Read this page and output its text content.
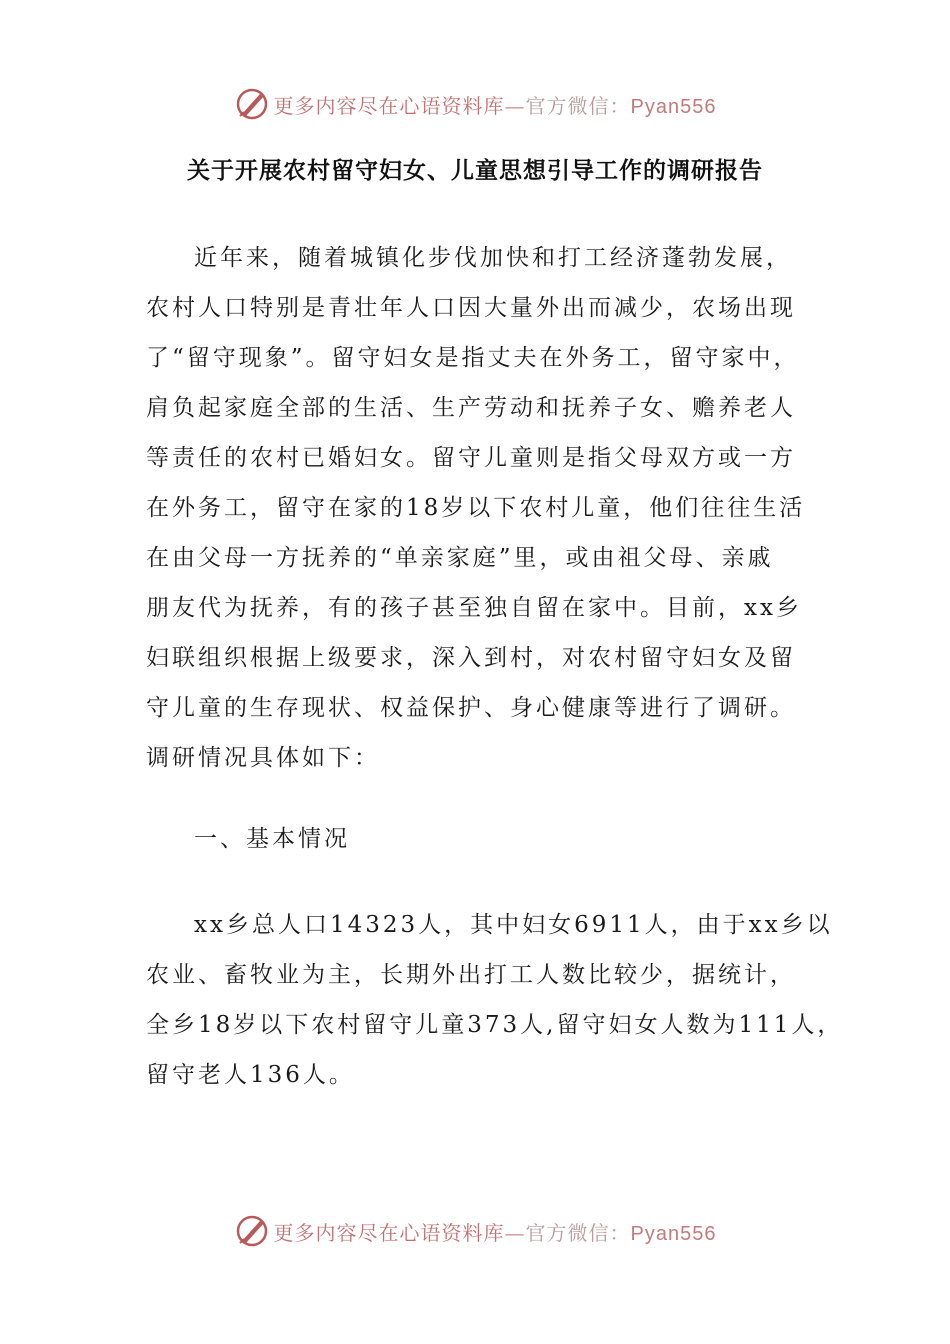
更多内容尽在心语资料库—官方微信：Pyan556
关于开展农村留守妇女、儿童思想引导工作的调研报告
近年来，随着城镇化步伐加快和打工经济蓬勃发展，
农村人口特别是青壮年人口因大量外出而减少，农场出现
了“留守现象”。留守妇女是指丈夫在外务工，留守家中，
肩负起家庭全部的生活、生产劳动和抚养子女、赡养老人
等责任的农村已婚妇女。留守儿童则是指父母双方或一方
在外务工，留守在家的18岁以下农村儿童，他们往往生活
在由父母一方抚养的“单亲家庭”里，或由祖父母、亲戚
朋友代为抚养，有的孩子甚至独自留在家中。目前，xx乡
妇联组织根据上级要求，深入到村，对农村留守妇女及留
守儿童的生存现状、权益保护、身心健康等进行了调研。
调研情况具体如下：
一、基本情况
xx乡总人口14323人，其中妇女6911人，由于xx乡以
农业、畜牧业为主，长期外出打工人数比较少，据统计，
全乡18岁以下农村留守儿童373人,留守妇女人数为111人，
留守老人136人。
更多内容尽在心语资料库—官方微信：Pyan556
